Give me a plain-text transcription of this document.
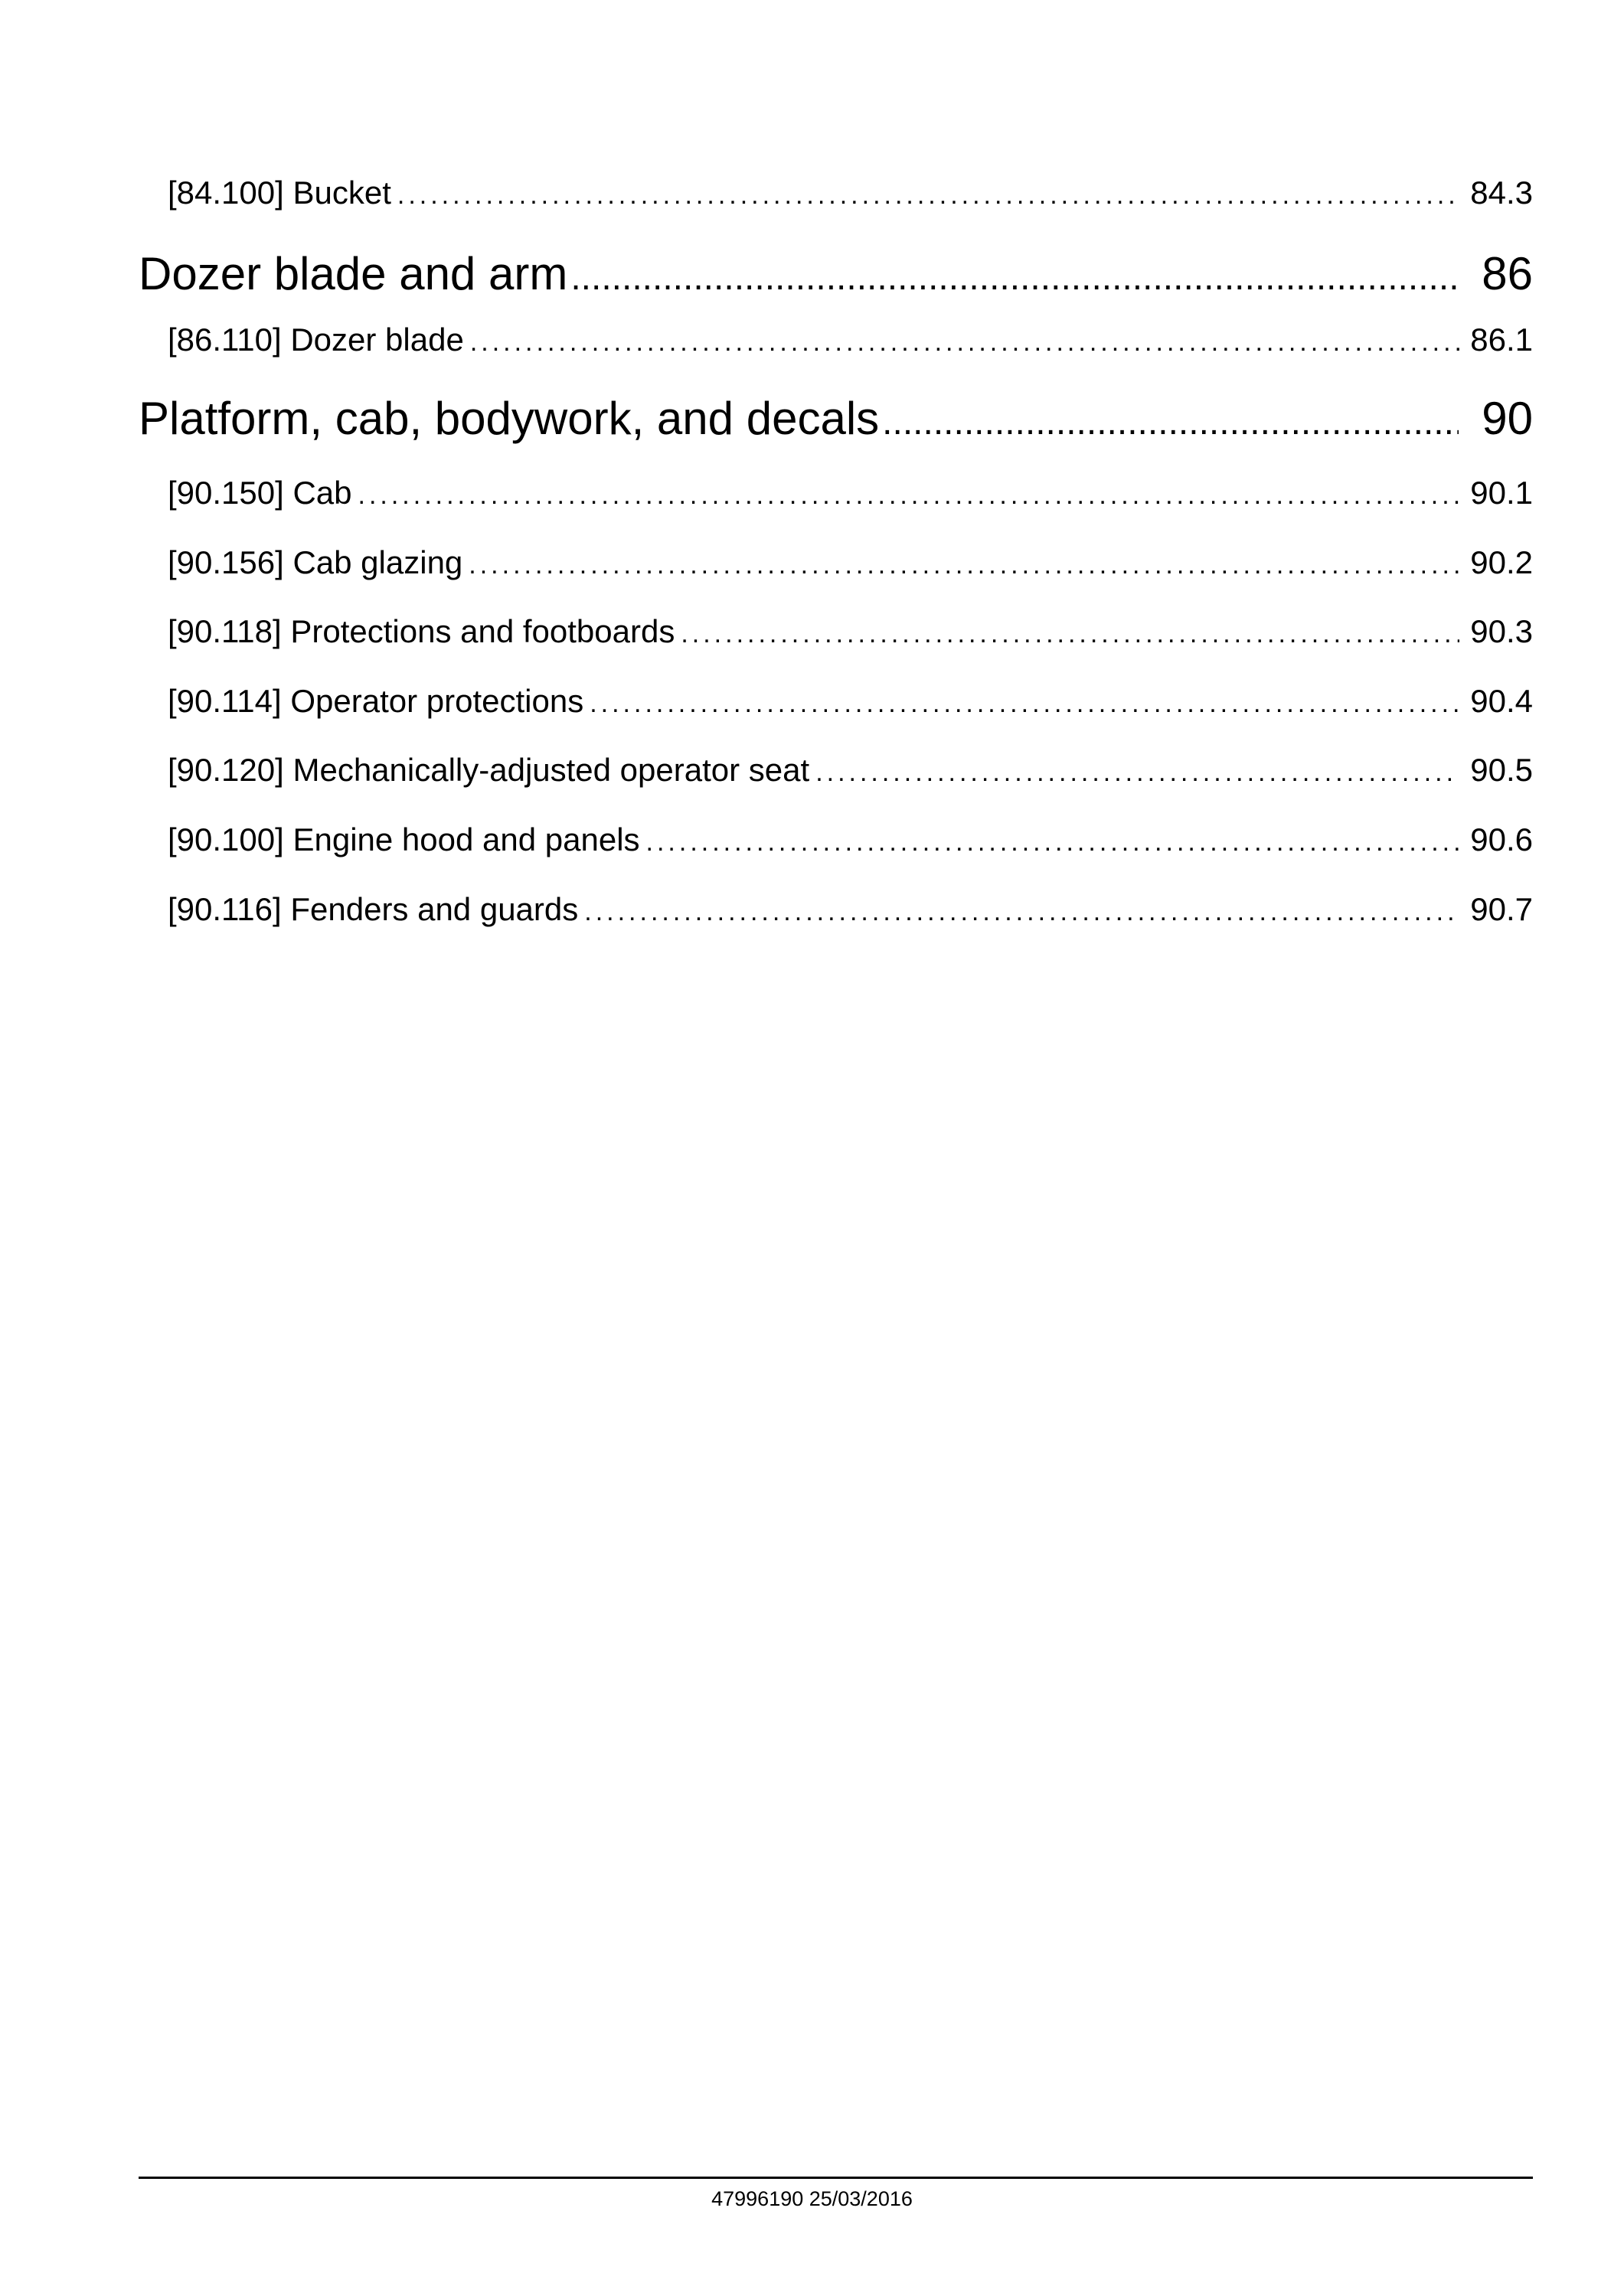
[84.100] Bucket .....	84.3
Dozer blade and arm .....	86
[86.110] Dozer blade .....	86.1
Platform, cab, bodywork, and decals .....	90
[90.150] Cab .....	90.1
[90.156] Cab glazing .....	90.2
[90.118] Protections and footboards .....	90.3
[90.114] Operator protections .....	90.4
[90.120] Mechanically-adjusted operator seat .....	90.5
[90.100] Engine hood and panels .....	90.6
[90.116] Fenders and guards .....	90.7
47996190 25/03/2016
